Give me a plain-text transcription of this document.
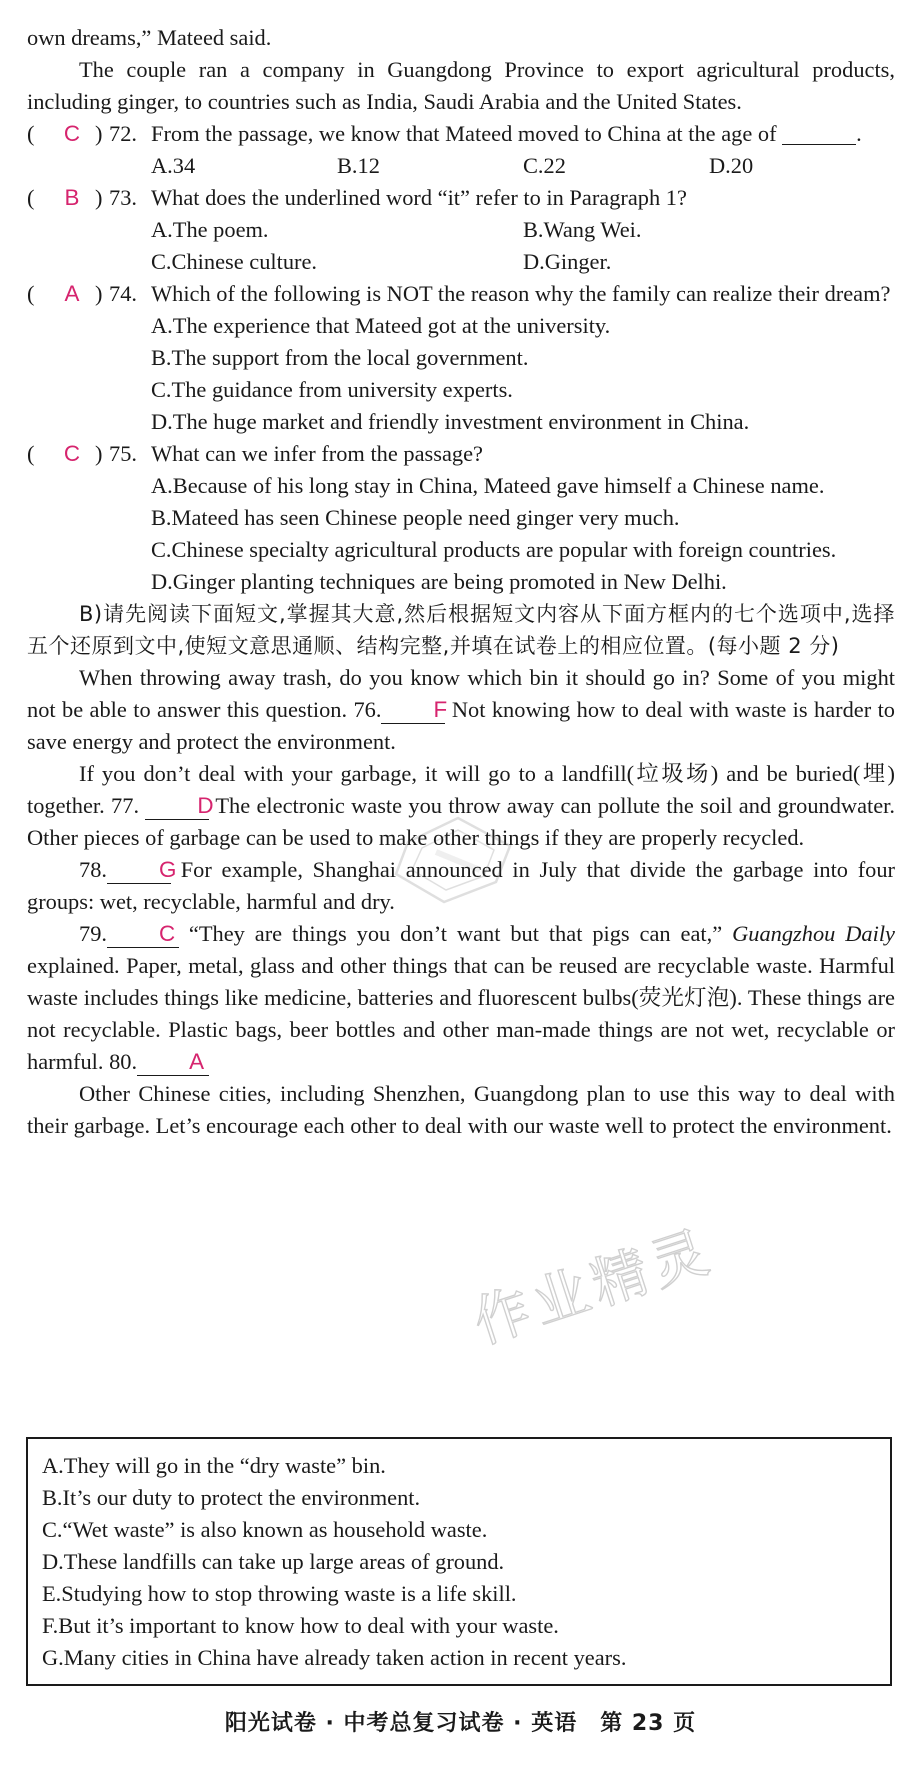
own dreams,” Mateed said.

The couple ran a company in Guangdong Province to export agricultural products, including ginger, to countries such as India, Saudi Arabia and the United States.

( C ) 72. From the passage, we know that Mateed moved to China at the age of	.

A.34	B.12	C.22	D.20
( B ) 73. What does the underlined word “it” refer to in Paragraph 1?

A.The poem.	B.Wang Wei.
C.Chinese culture.	D.Ginger.
( A ) 74. Which of the following is NOT the reason why the family can realize their dream?

A.The experience that Mateed got at the university.

B.The support from the local government.

C.The guidance from university experts.

D.The huge market and friendly investment environment in China.

( C ) 75. What can we infer from the passage?

A.Because of his long stay in China, Mateed gave himself a Chinese name.

B.Mateed has seen Chinese people need ginger very much.

C.Chinese specialty agricultural products are popular with foreign countries.

D.Ginger planting techniques are being promoted in New Delhi.

B)请先阅读下面短文,掌握其大意,然后根据短文内容从下面方框内的七个选项中,选择五个还原到文中,使短文意思通顺、结构完整,并填在试卷上的相应位置。(每小题 2 分)

When throwing away trash, do you know which bin it should go in? Some of you might not be able to answer this question. 76. F Not knowing how to deal with waste is harder to save energy and protect the environment.

If you don’t deal with your garbage, it will go to a landfill(垃圾场) and be buried(埋) together. 77.	D The electronic waste you throw away can pollute the soil and groundwater. Other pieces of garbage can be used to make other things if they are properly recycled.

78. G For example, Shanghai announced in July that divide the garbage into four groups: wet, recyclable, harmful and dry.

79. C “They are things you don’t want but that pigs can eat,” Guangzhou Daily explained. Paper, metal, glass and other things that can be reused are recyclable waste. Harmful waste includes things like medicine, batteries and fluorescent bulbs(荧光灯泡). These things are not recyclable. Plastic bags, beer bottles and other man-made things are not wet, recyclable or harmful. 80. A

Other Chinese cities, including Shenzhen, Guangdong plan to use this way to deal with their garbage. Let’s encourage each other to deal with our waste well to protect the environment.

A.They will go in the “dry waste” bin.

B.It’s our duty to protect the environment.

C.“Wet waste” is also known as household waste.

D.These landfills can take up large areas of ground.

E.Studying how to stop throwing waste is a life skill.

F.But it’s important to know how to deal with your waste.

G.Many cities in China have already taken action in recent years.

阳光试卷 · 中考总复习试卷 · 英语　第 23 页
作业精灵
